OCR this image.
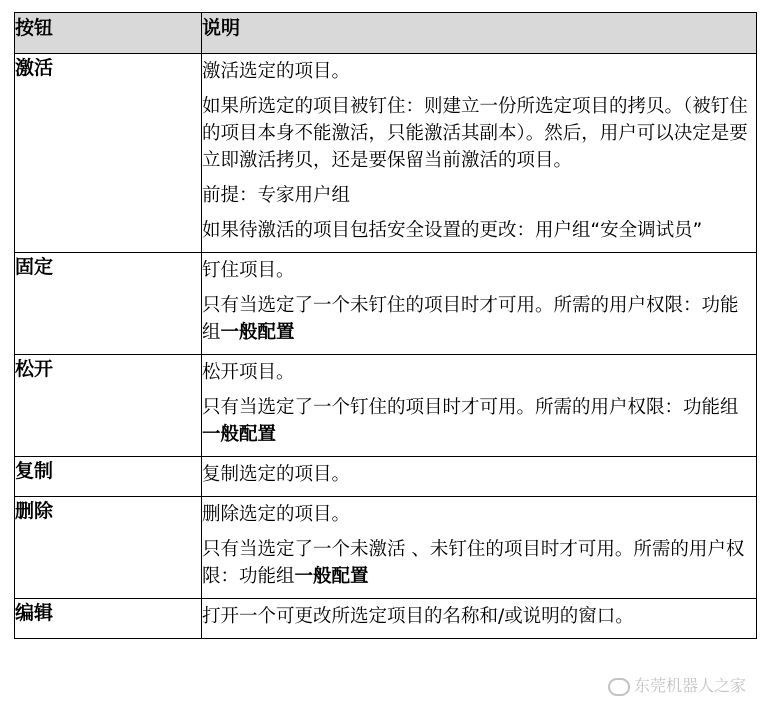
按钮	说明
激活	激活选定的项目。
如果所选定的项目被钉住：则建立一份所选定项目的拷贝。（被钉住的项目本身不能激活，只能激活其副本）。然后，用户可以决定是要立即激活拷贝，还是要保留当前激活的项目。
前提：专家用户组
如果待激活的项目包括安全设置的更改：用户组“安全调试员”

固定	钉住项目。
只有当选定了一个未钉住的项目时才可用。所需的用户权限：功能组一般配置

松开	松开项目。
只有当选定了一个钉住的项目时才可用。所需的用户权限：功能组一般配置

复制	复制选定的项目。

删除	删除选定的项目。
只有当选定了一个未激活 、未钉住的项目时才可用。所需的用户权限：功能组一般配置

编辑	打开一个可更改所选定项目的名称和/或说明的窗口。
东莞机器人之家
